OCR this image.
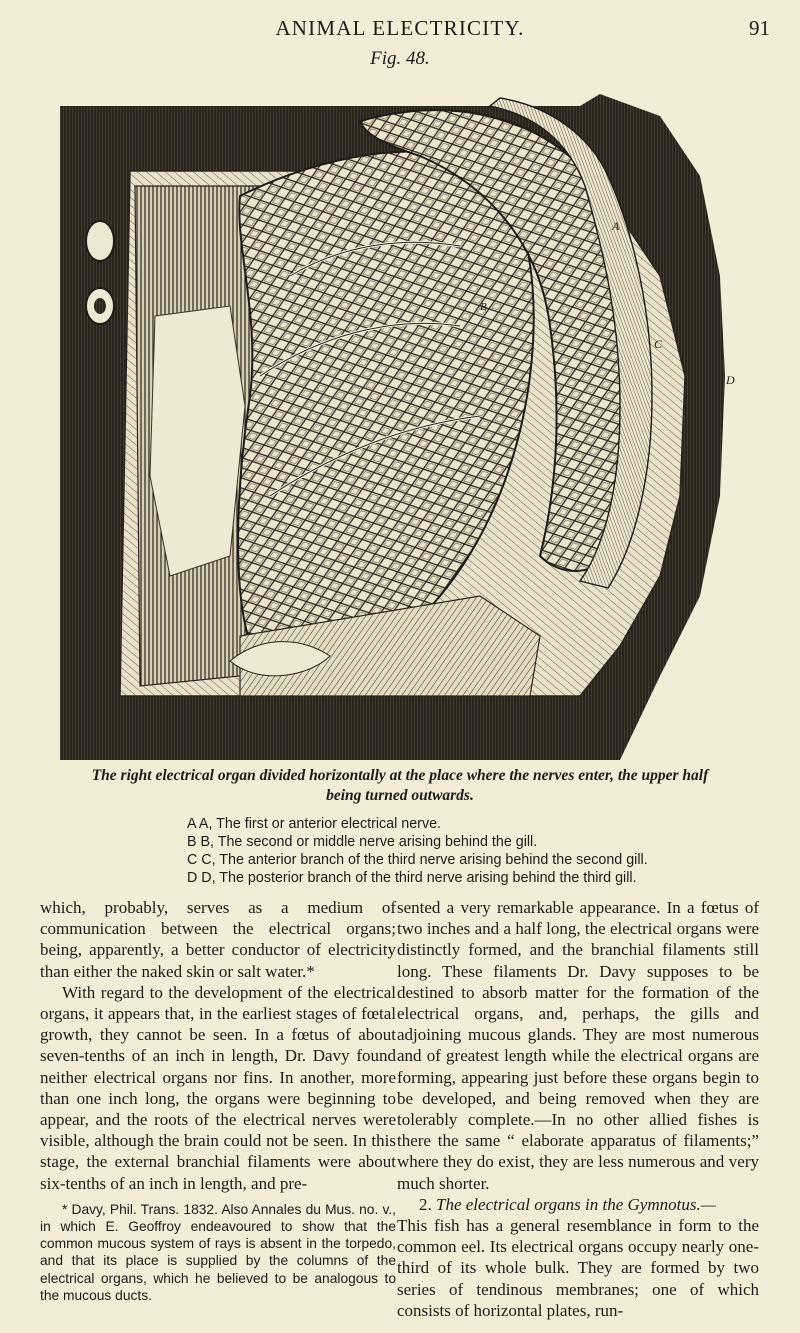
ANIMAL ELECTRICITY.	91
Fig. 48.
A
B
C
D
The right electrical organ divided horizontally at the place where the nerves enter, the upper half
being turned outwards.
A A, The first or anterior electrical nerve.
B B, The second or middle nerve arising behind the gill.
C C, The anterior branch of the third nerve arising behind the second gill.
D D, The posterior branch of the third nerve arising behind the third gill.

which, probably, serves as a medium of communication between the electrical organs; being, apparently, a better conductor of electricity than either the naked skin or salt water.*

With regard to the development of the electrical organs, it appears that, in the earliest stages of fœtal growth, they cannot be seen. In a fœtus of about seven-tenths of an inch in length, Dr. Davy found neither electrical organs nor fins. In another, more than one inch long, the organs were beginning to appear, and the roots of the electrical nerves were visible, although the brain could not be seen. In this stage, the external branchial filaments were about six-tenths of an inch in length, and pre-

* Davy, Phil. Trans. 1832. Also Annales du Mus. no. v., in which E. Geoffroy endeavoured to show that the common mucous system of rays is absent in the torpedo, and that its place is supplied by the columns of the electrical organs, which he believed to be analogous to the mucous ducts.

sented a very remarkable appearance. In a fœtus of two inches and a half long, the electrical organs were distinctly formed, and the branchial filaments still long. These filaments Dr. Davy supposes to be destined to absorb matter for the formation of the electrical organs, and, perhaps, the gills and adjoining mucous glands. They are most numerous and of greatest length while the electrical organs are forming, appearing just before these organs begin to be developed, and being removed when they are tolerably complete.—In no other allied fishes is there the same “ elaborate apparatus of filaments;” where they do exist, they are less numerous and very much shorter.

2. The electrical organs in the Gymnotus.—

This fish has a general resemblance in form to the common eel. Its electrical organs occupy nearly one-third of its whole bulk. They are formed by two series of tendinous membranes; one of which consists of horizontal plates, run-
